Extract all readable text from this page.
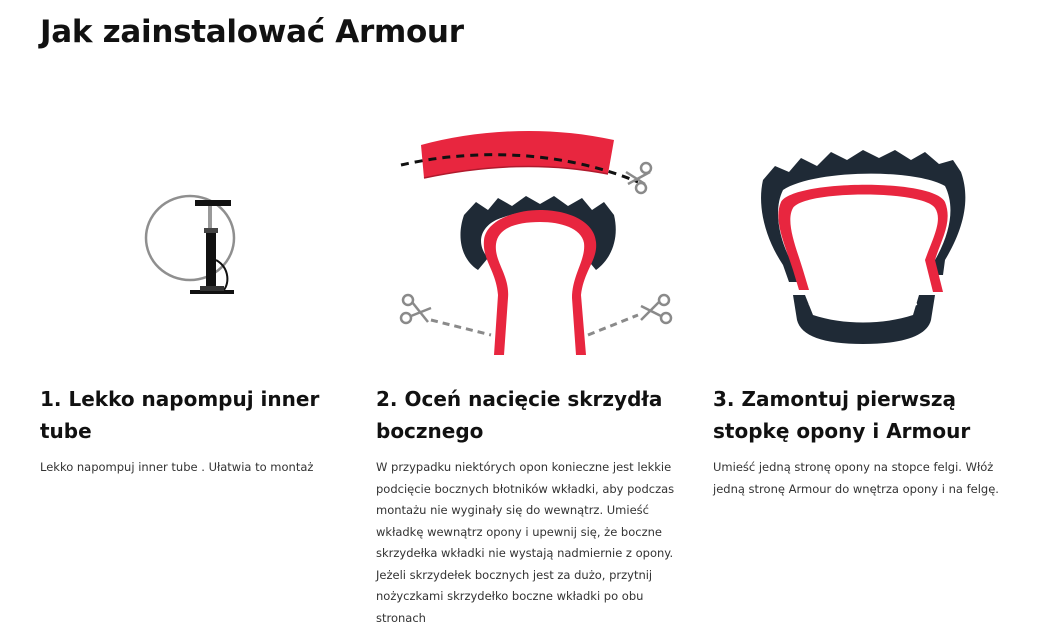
Jak zainstalować Armour
1. Lekko napompuj inner tube

Lekko napompuj inner tube . Ułatwia to montaż

2. Oceń nacięcie skrzydła bocznego

W przypadku niektórych opon konieczne jest lekkie podcięcie bocznych błotników wkładki, aby podczas montażu nie wyginały się do wewnątrz. Umieść wkładkę wewnątrz opony i upewnij się, że boczne skrzydełka wkładki nie wystają nadmiernie z opony. Jeżeli skrzydełek bocznych jest za dużo, przytnij nożyczkami skrzydełko boczne wkładki po obu stronach

3. Zamontuj pierwszą stopkę opony i Armour

Umieść jedną stronę opony na stopce felgi. Włóż jedną stronę Armour do wnętrza opony i na felgę.
